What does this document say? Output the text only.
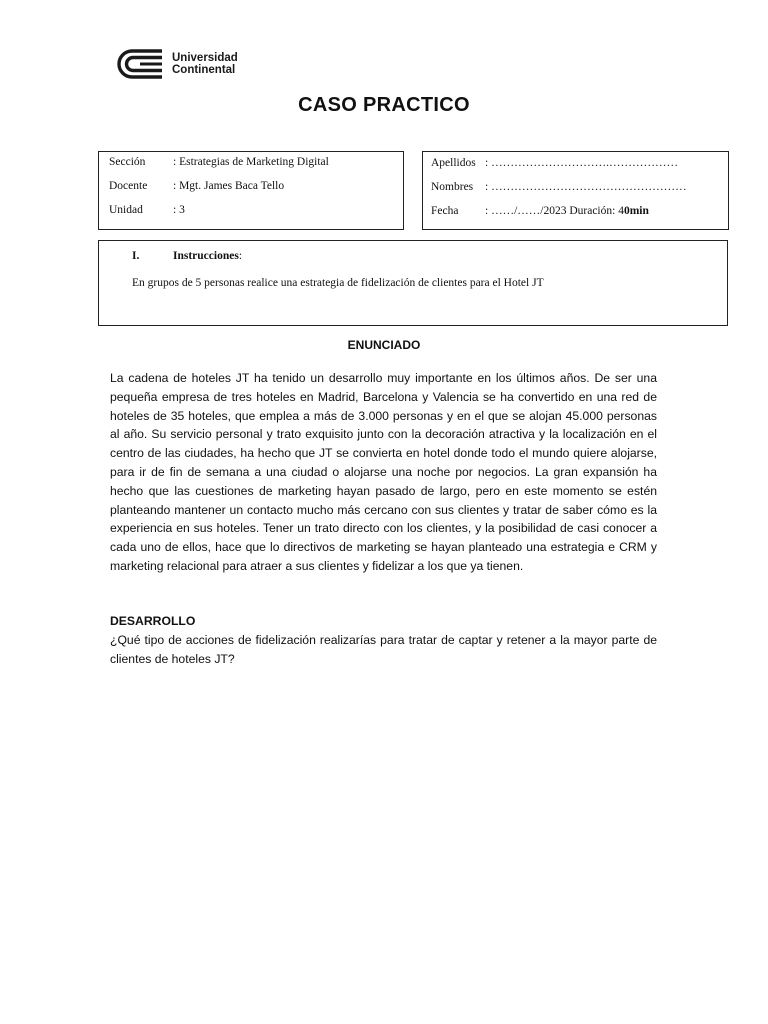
Universidad
Continental
CASO PRACTICO
Sección : Estrategias de Marketing Digital
Docente : Mgt. James Baca Tello
Unidad	: 3
Apellidos : ………………………….………………
Nombres : ……………………………………………
Fecha : ……/……/2023 Duración: 40min
I.	Instrucciones:
En grupos de 5 personas realice una estrategia de fidelización de clientes para el Hotel JT
ENUNCIADO
La cadena de hoteles JT ha tenido un desarrollo muy importante en los últimos años. De ser una pequeña empresa de tres hoteles en Madrid, Barcelona y Valencia se ha convertido en una red de hoteles de 35 hoteles, que emplea a más de 3.000 personas y en el que se alojan 45.000 personas al año. Su servicio personal y trato exquisito junto con la decoración atractiva y la localización en el centro de las ciudades, ha hecho que JT se convierta en hotel donde todo el mundo quiere alojarse, para ir de fin de semana a una ciudad o alojarse una noche por negocios. La gran expansión ha hecho que las cuestiones de marketing hayan pasado de largo, pero en este momento se estén planteando mantener un contacto mucho más cercano con sus clientes y tratar de saber cómo es la experiencia en sus hoteles. Tener un trato directo con los clientes, y la posibilidad de casi conocer a cada uno de ellos, hace que lo directivos de marketing se hayan planteado una estrategia e CRM y marketing relacional para atraer a sus clientes y fidelizar a los que ya tienen.
DESARROLLO
¿Qué tipo de acciones de fidelización realizarías para tratar de captar y retener a la mayor parte de clientes de hoteles JT?
